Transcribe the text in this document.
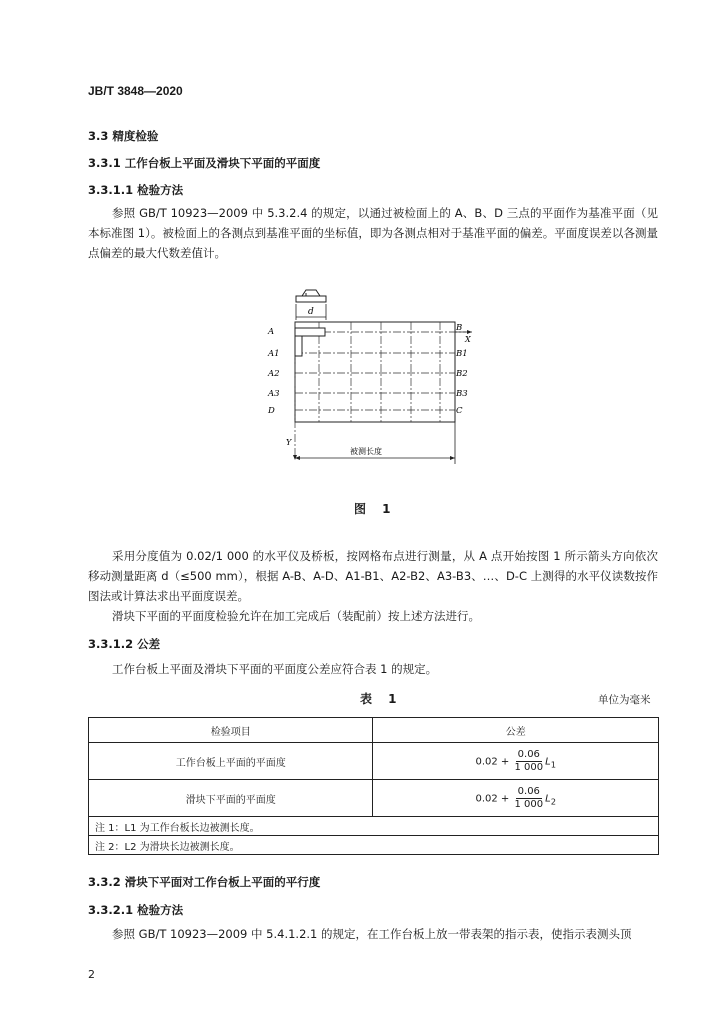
JB/T 3848—2020
3.3 精度检验
3.3.1 工作台板上平面及滑块下平面的平面度
3.3.1.1 检验方法
参照 GB/T 10923—2009 中 5.3.2.4 的规定，以通过被检面上的 A、B、D 三点的平面作为基准平面（见本标准图 1）。被检面上的各测点到基准平面的坐标值，即为各测点相对于基准平面的偏差。平面度误差以各测量点偏差的最大代数差值计。
d
X
Y
A
A1
A2
A3
D
B
B1
B2
B3
C
被测长度
图 1
采用分度值为 0.02/1 000 的水平仪及桥板，按网格布点进行测量，从 A 点开始按图 1 所示箭头方向依次移动测量距离 d（≤500 mm），根据 A-B、A-D、A1-B1、A2-B2、A3-B3、…、D-C 上测得的水平仪读数按作图法或计算法求出平面度误差。
滑块下平面的平面度检验允许在加工完成后（装配前）按上述方法进行。
3.3.1.2 公差
工作台板上平面及滑块下平面的平面度公差应符合表 1 的规定。
表 1	单位为毫米
检验项目	公差
工作台板上平面的平面度	$0.02 + \frac{0.06}{1 000} L_1$
滑块下平面的平面度	$0.02 + \frac{0.06}{1 000} L_2$
注 1：L1 为工作台板长边被测长度。	
注 2：L2 为滑块长边被测长度。	
3.3.2 滑块下平面对工作台板上平面的平行度
3.3.2.1 检验方法
参照 GB/T 10923—2009 中 5.4.1.2.1 的规定，在工作台板上放一带表架的指示表，使指示表测头顶
2
